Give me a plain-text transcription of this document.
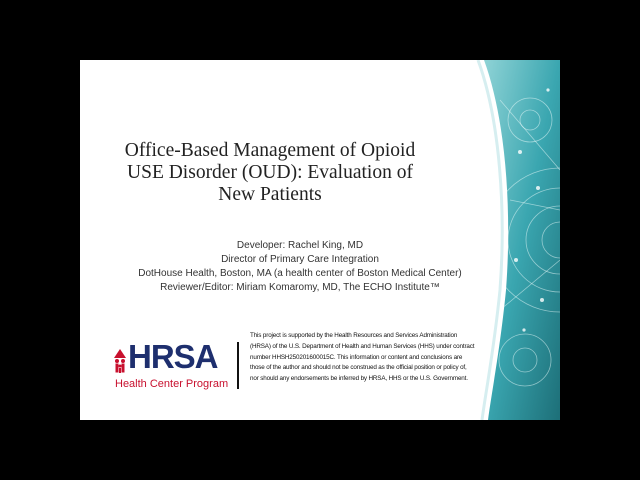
Office-Based Management of Opioid
USE Disorder (OUD): Evaluation of
New Patients
Developer: Rachel King, MD
Director of Primary Care Integration
DotHouse Health, Boston, MA (a health center of Boston Medical Center)
Reviewer/Editor: Miriam Komaromy, MD, The ECHO Institute™
HRSA
Health Center Program
This project is supported by the Health Resources and Services Administration
(HRSA) of the U.S. Department of Health and Human Services (HHS) under contract
number HHSH250201600015C. This information or content and conclusions are
those of the author and should not be construed as the official position or policy of,
nor should any endorsements be inferred by HRSA, HHS or the U.S. Government.
